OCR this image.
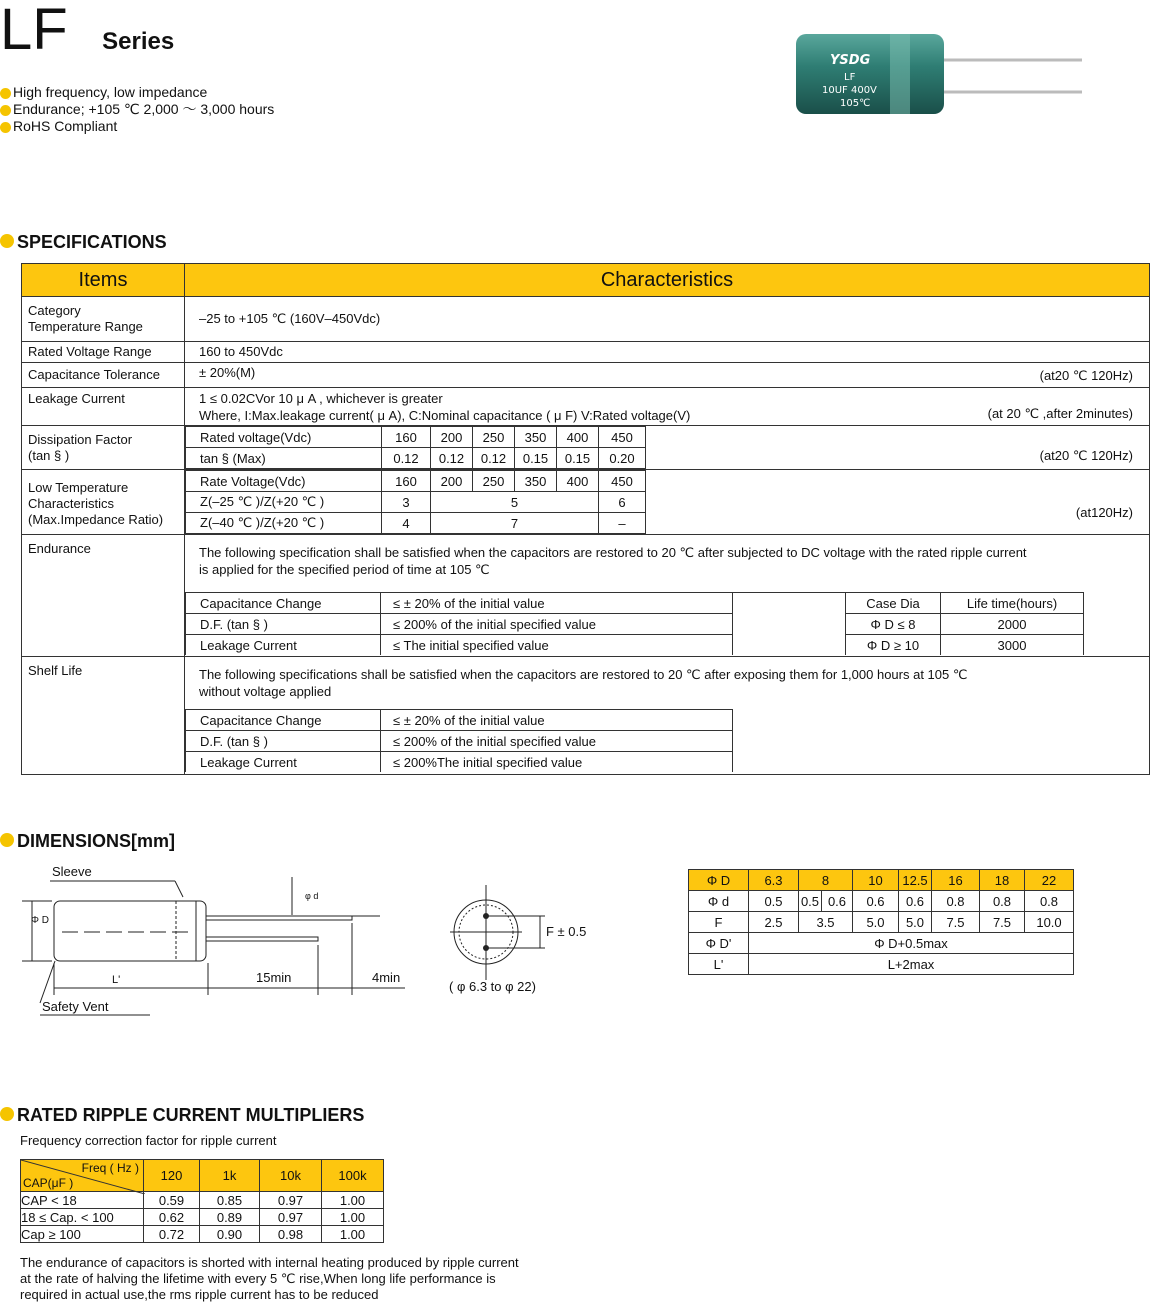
LF Series
High frequency, low impedance
Endurance; +105 ℃ 2,000 ～ 3,000 hours
RoHS Compliant
YSDG
LF
10UF 400V
105℃
SPECIFICATIONS
Items	Characteristics

Category
Temperature Range

–25 to +105 ℃ (160V–450Vdc)

Rated Voltage Range	160 to 450Vdc

Capacitance Tolerance	± 20%(M)	(at20 ℃ 120Hz)

Leakage Current	1 ≤ 0.02CVor 10 μ A , whichever is greater
Where, I:Max.leakage current( μ A), C:Nominal capacitance ( μ F) V:Rated voltage(V)	(at 20 ℃ ,after 2minutes)

Dissipation Factor
(tan § )

Rated voltage(Vdc)	160	200	250	350	400	450
tan § (Max)	0.12	0.12	0.12	0.15	0.15	0.20	(at20 ℃ 120Hz)

Low Temperature
Characteristics
(Max.Impedance Ratio)

Rate Voltage(Vdc)	160	200	250	350	400	450
Z(–25 ℃ )/Z(+20 ℃ )	3	5	6
Z(–40 ℃ )/Z(+20 ℃ )	4	7	–
(at120Hz)

Endurance	The following specification shall be satisfied when the capacitors are restored to 20 ℃ after subjected to DC voltage with the rated ripple current
is applied for the specified period of time at 105 ℃
Capacitance Change	≤ ± 20% of the initial value		Case Dia	Life time(hours)
D.F. (tan § )	≤ 200% of the initial specified value		Φ D ≤ 8	2000
Leakage Current	≤ The initial specified value		Φ D ≥ 10	3000

Shelf Life	The following specifications shall be satisfied when the capacitors are restored to 20 ℃ after exposing them for 1,000 hours at 105 ℃
without voltage applied
Capacitance Change	≤ ± 20% of the initial value
D.F. (tan § )	≤ 200% of the initial specified value
Leakage Current	≤ 200%The initial specified value
DIMENSIONS[mm]
Sleeve
φ d
Φ D
L'	15min	4min
Safety Vent
F ± 0.5
( φ 6.3 to φ 22)
Φ D	6.3	8		10	12.5	16	18	22
Φ d	0.5	0.5	0.6	0.6	0.6	0.8	0.8	0.8
F	2.5	3.5		5.0	5.0	7.5	7.5	10.0
Φ D'	Φ D+0.5max							
L'	L+2max							
RATED RIPPLE CURRENT MULTIPLIERS
Frequency correction factor for ripple current
Freq ( Hz )
CAP(μF )	120	1k	10k	100k
CAP < 18	0.59	0.85	0.97	1.00
18 ≤ Cap. < 100	0.62	0.89	0.97	1.00
Cap ≥ 100	0.72	0.90	0.98	1.00
The endurance of capacitors is shorted with internal heating produced by ripple current
at the rate of halving the lifetime with every 5 ℃ rise,When long life performance is
required in actual use,the rms ripple current has to be reduced
